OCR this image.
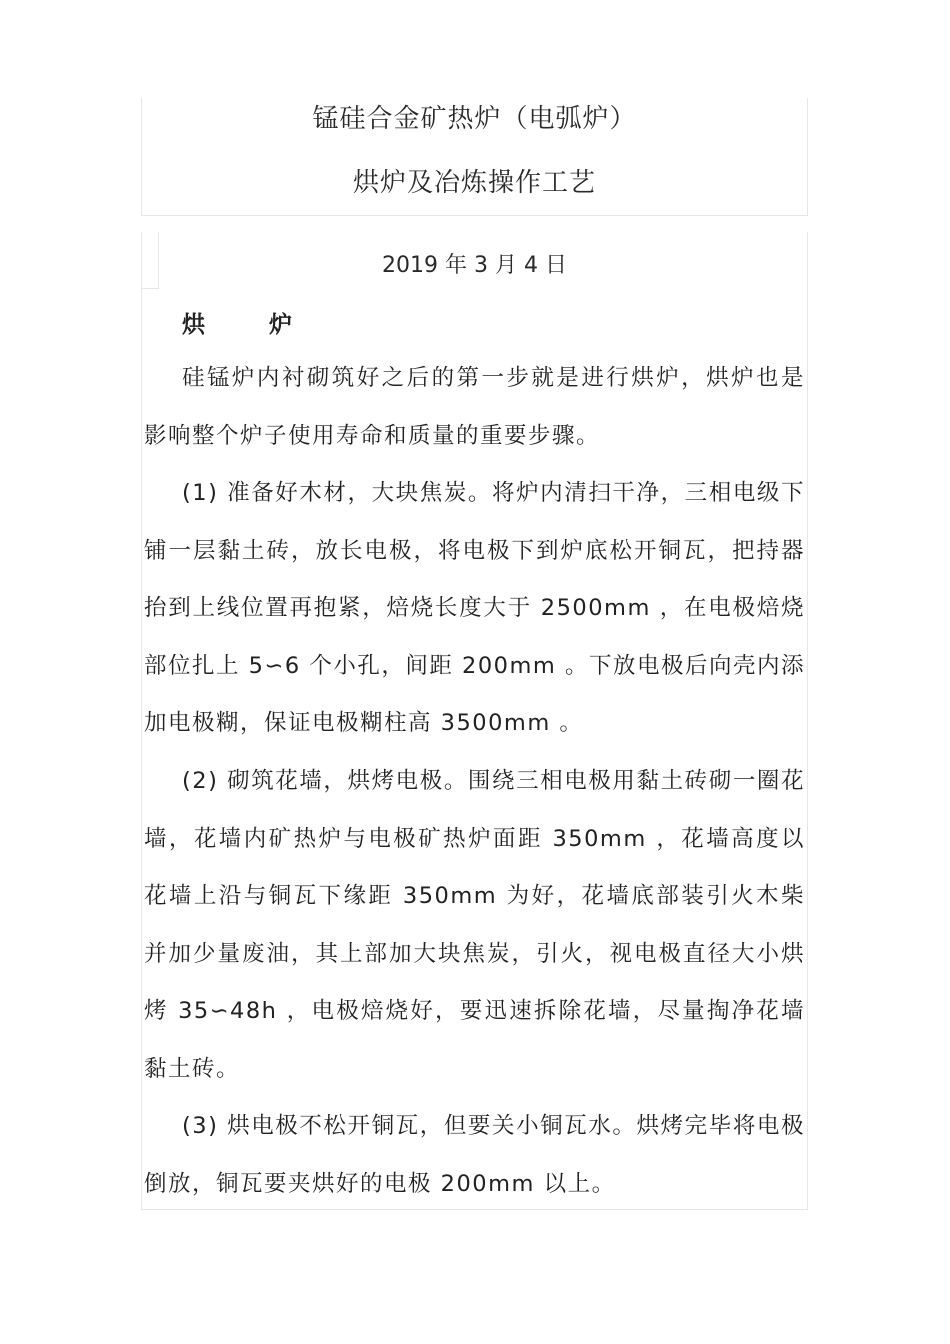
锰硅合金矿热炉（电弧炉）
烘炉及冶炼操作工艺
2019 年 3 月 4 日
烘 炉

硅锰炉内衬砌筑好之后的第一步就是进行烘炉，烘炉也是影响整个炉子使用寿命和质量的重要步骤。

(1) 准备好木材，大块焦炭。将炉内清扫干净，三相电级下铺一层黏土砖，放长电极，将电极下到炉底松开铜瓦，把持器抬到上线位置再抱紧，焙烧长度大于 2500mm ，在电极焙烧部位扎上 5∽6 个小孔，间距 200mm 。下放电极后向壳内添加电极糊，保证电极糊柱高 3500mm 。

(2) 砌筑花墙，烘烤电极。围绕三相电极用黏土砖砌一圈花墙，花墙内矿热炉与电极矿热炉面距 350mm ，花墙高度以花墙上沿与铜瓦下缘距 350mm 为好，花墙底部装引火木柴并加少量废油，其上部加大块焦炭，引火，视电极直径大小烘烤 35∽48h ，电极焙烧好，要迅速拆除花墙，尽量掏净花墙黏土砖。

(3) 烘电极不松开铜瓦，但要关小铜瓦水。烘烤完毕将电极倒放，铜瓦要夹烘好的电极 200mm 以上。
